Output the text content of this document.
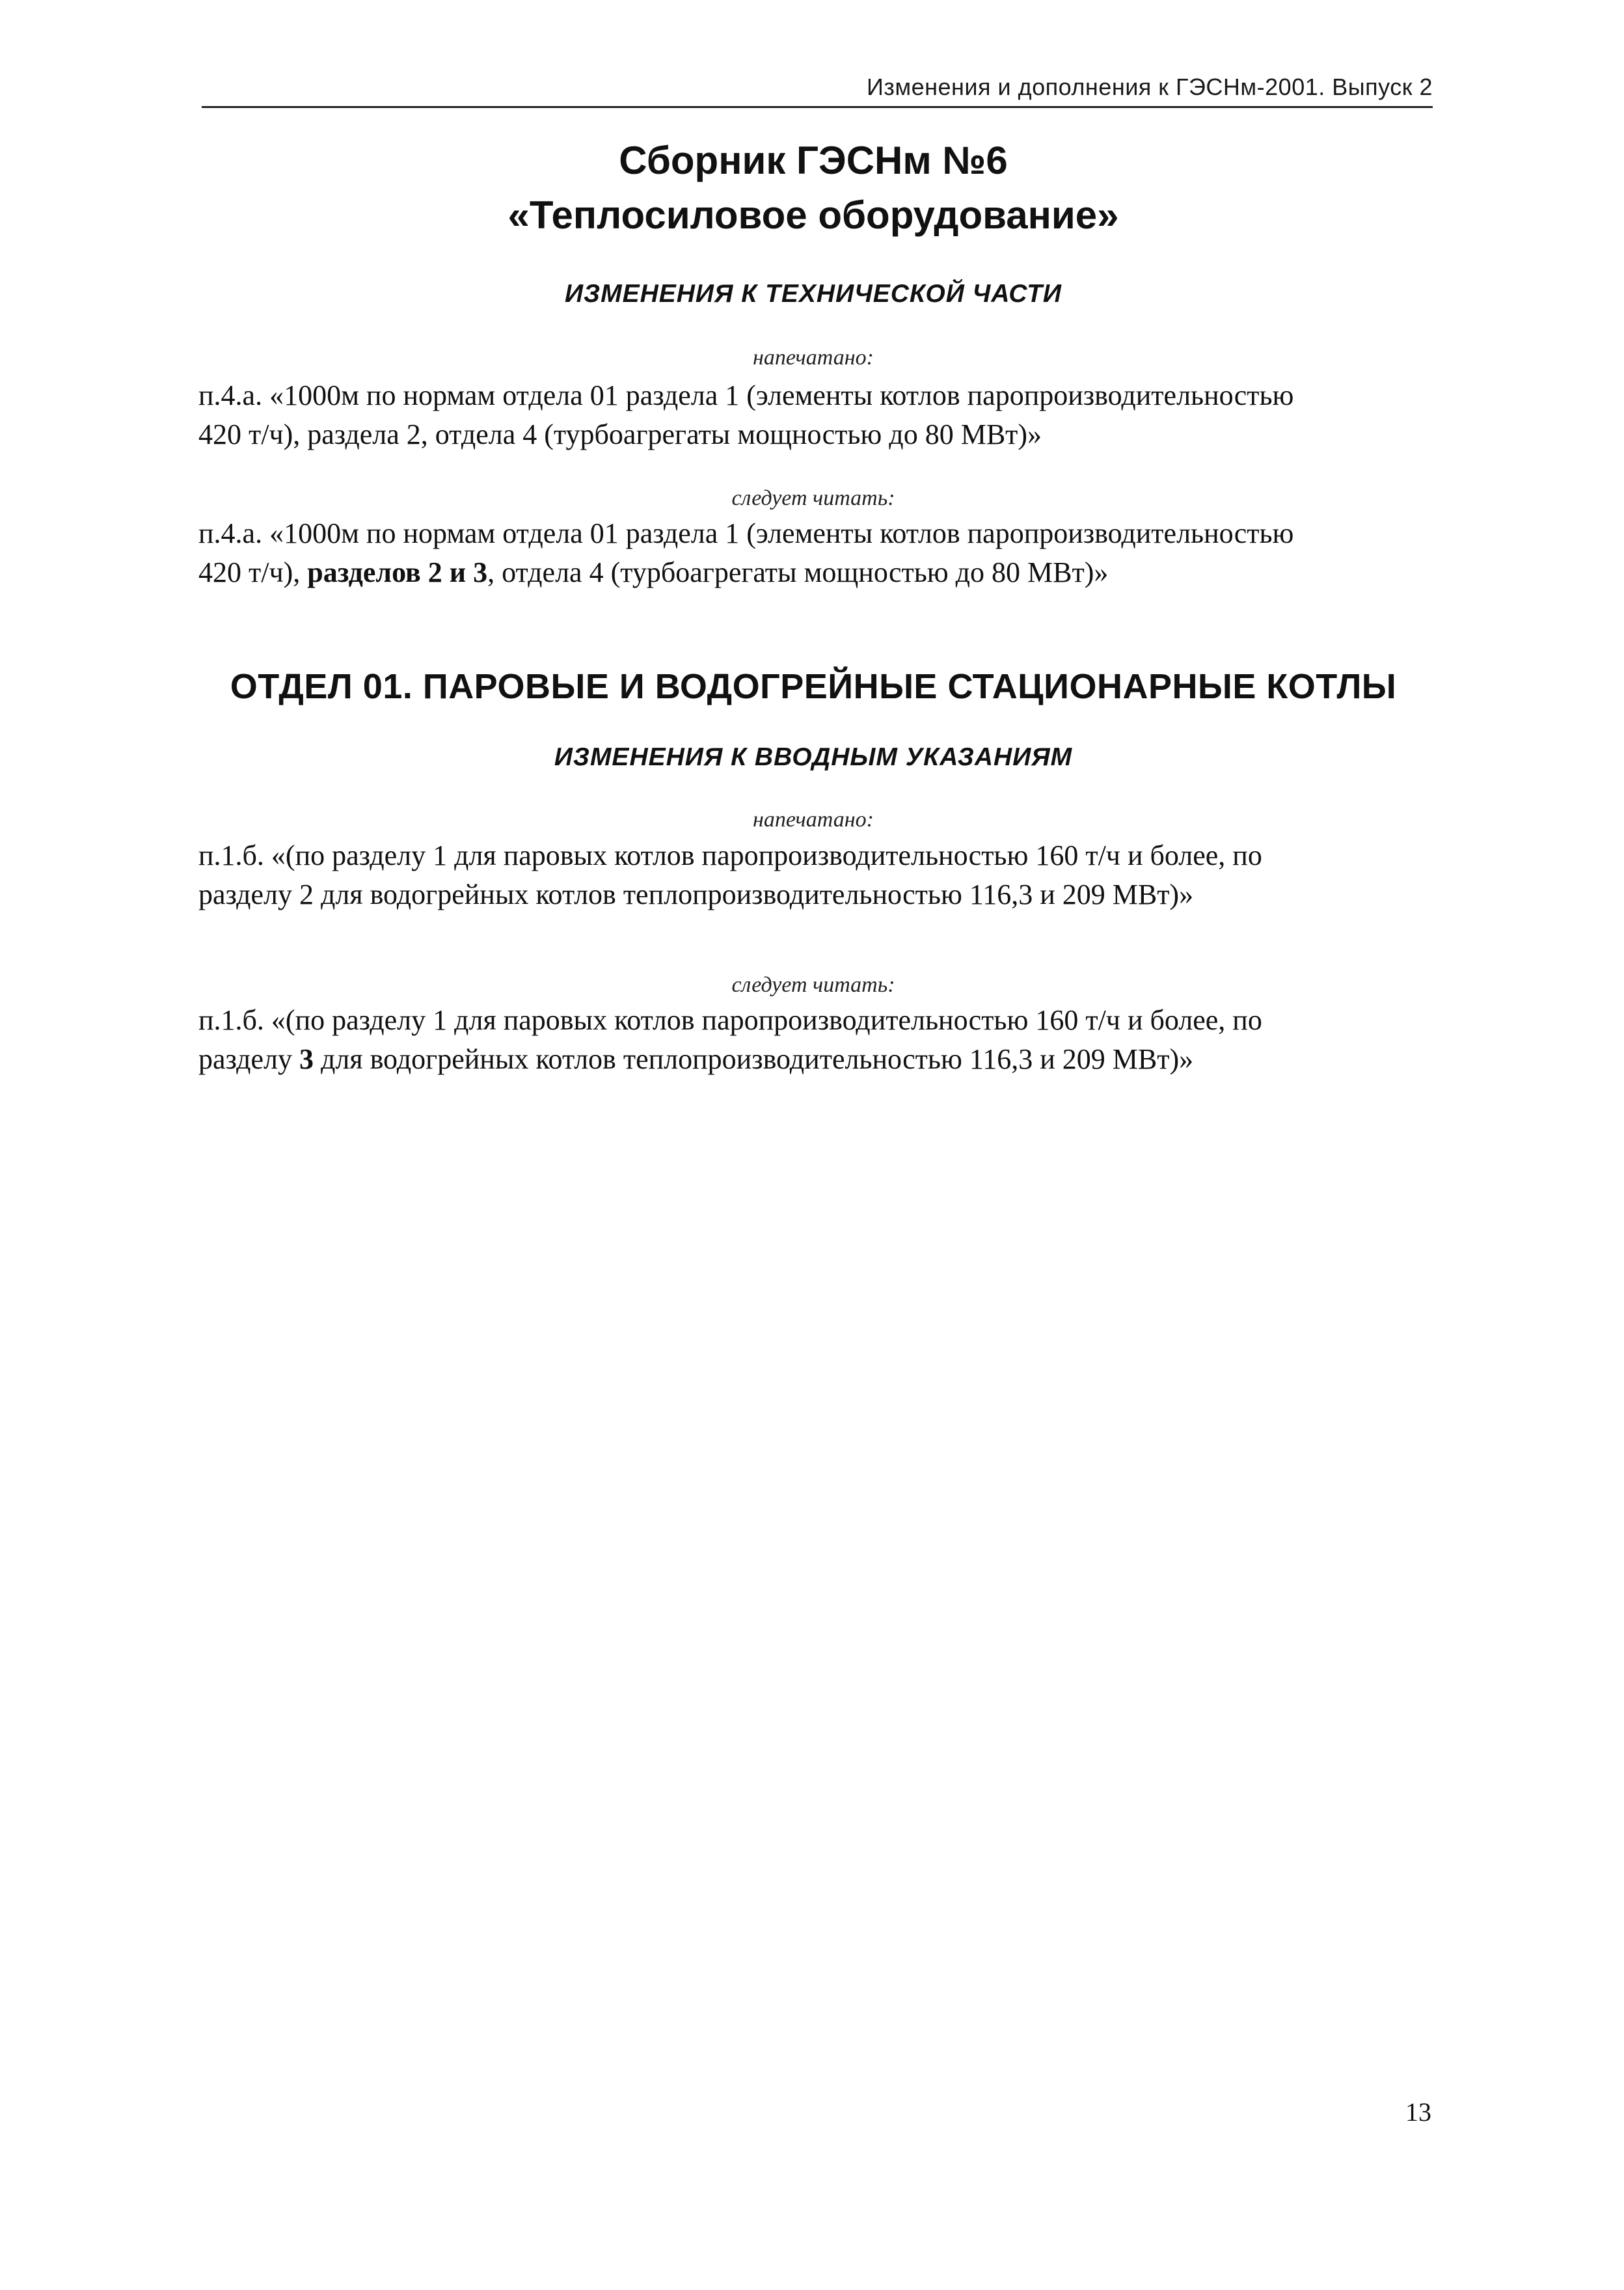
Изменения и дополнения к ГЭСНм-2001. Выпуск 2
Сборник ГЭСНм №6
«Теплосиловое оборудование»
ИЗМЕНЕНИЯ К ТЕХНИЧЕСКОЙ ЧАСТИ
напечатано:
п.4.а. «1000м по нормам отдела 01 раздела 1 (элементы котлов паропроизводительностью
420 т/ч), раздела 2, отдела 4 (турбоагрегаты мощностью до 80 МВт)»
следует читать:
п.4.а. «1000м по нормам отдела 01 раздела 1 (элементы котлов паропроизводительностью
420 т/ч), разделов 2 и 3, отдела 4 (турбоагрегаты мощностью до 80 МВт)»
ОТДЕЛ 01. ПАРОВЫЕ И ВОДОГРЕЙНЫЕ СТАЦИОНАРНЫЕ КОТЛЫ
ИЗМЕНЕНИЯ К ВВОДНЫМ УКАЗАНИЯМ
напечатано:
п.1.б. «(по разделу 1 для паровых котлов паропроизводительностью 160 т/ч и более, по
разделу 2 для водогрейных котлов теплопроизводительностью 116,3 и 209 МВт)»
следует читать:
п.1.б. «(по разделу 1 для паровых котлов паропроизводительностью 160 т/ч и более, по
разделу 3 для водогрейных котлов теплопроизводительностью 116,3 и 209 МВт)»
13
